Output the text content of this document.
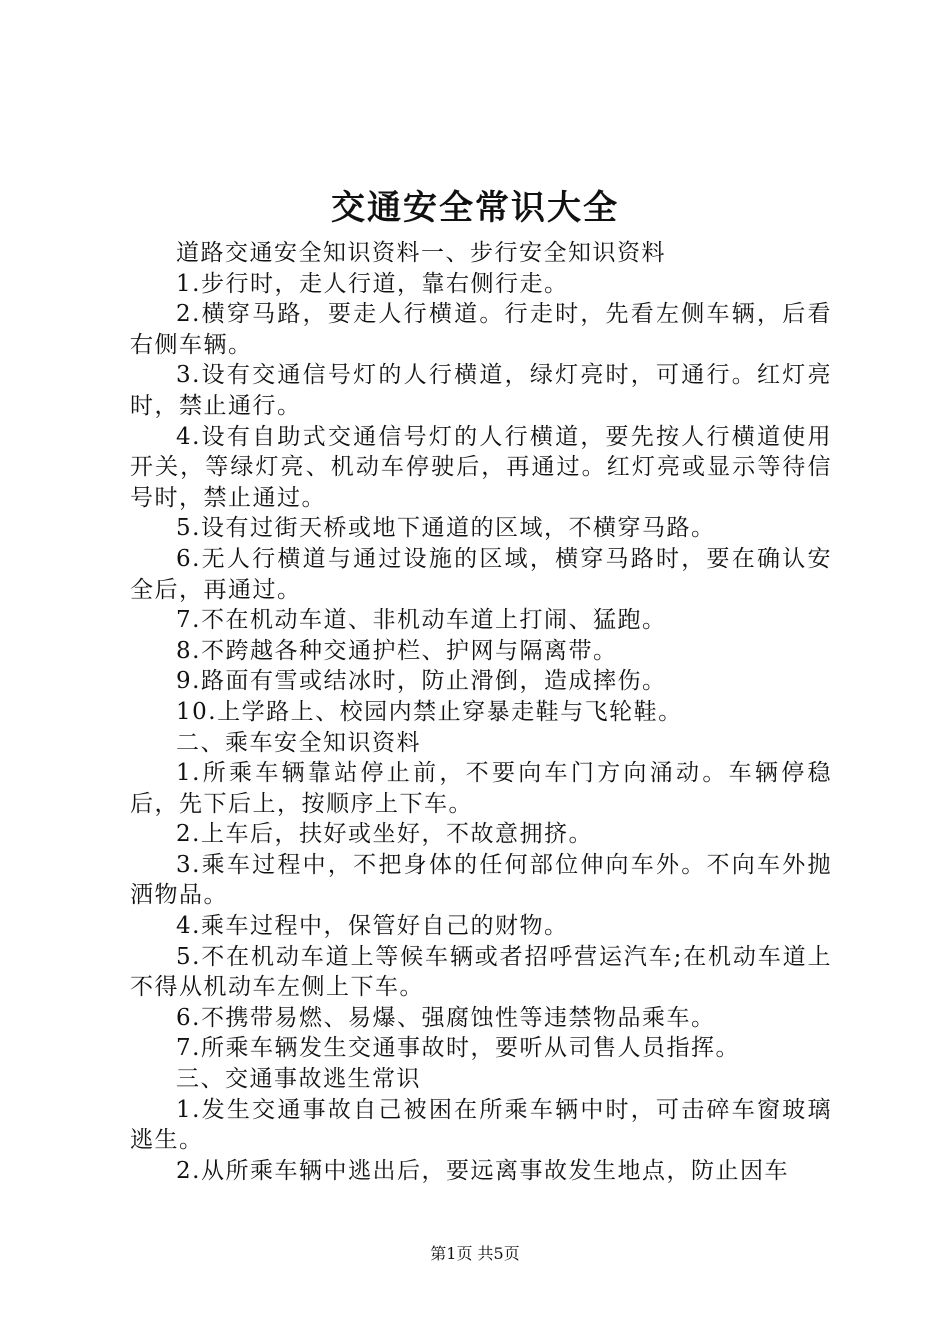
交通安全常识大全

道路交通安全知识资料一、步行安全知识资料

1.步行时，走人行道，靠右侧行走。

2.横穿马路，要走人行横道。行走时，先看左侧车辆，后看右侧车辆。

3.设有交通信号灯的人行横道，绿灯亮时，可通行。红灯亮时，禁止通行。

4.设有自助式交通信号灯的人行横道，要先按人行横道使用开关，等绿灯亮、机动车停驶后，再通过。红灯亮或显示等待信号时，禁止通过。

5.设有过街天桥或地下通道的区域，不横穿马路。

6.无人行横道与通过设施的区域，横穿马路时，要在确认安全后，再通过。

7.不在机动车道、非机动车道上打闹、猛跑。

8.不跨越各种交通护栏、护网与隔离带。

9.路面有雪或结冰时，防止滑倒，造成摔伤。

10.上学路上、校园内禁止穿暴走鞋与飞轮鞋。

二、乘车安全知识资料

1.所乘车辆靠站停止前，不要向车门方向涌动。车辆停稳后，先下后上，按顺序上下车。

2.上车后，扶好或坐好，不故意拥挤。

3.乘车过程中，不把身体的任何部位伸向车外。不向车外抛洒物品。

4.乘车过程中，保管好自己的财物。

5.不在机动车道上等候车辆或者招呼营运汽车;在机动车道上不得从机动车左侧上下车。

6.不携带易燃、易爆、强腐蚀性等违禁物品乘车。

7.所乘车辆发生交通事故时，要听从司售人员指挥。

三、交通事故逃生常识

1.发生交通事故自己被困在所乘车辆中时，可击碎车窗玻璃逃生。

2.从所乘车辆中逃出后，要远离事故发生地点，防止因车

第1页 共5页
